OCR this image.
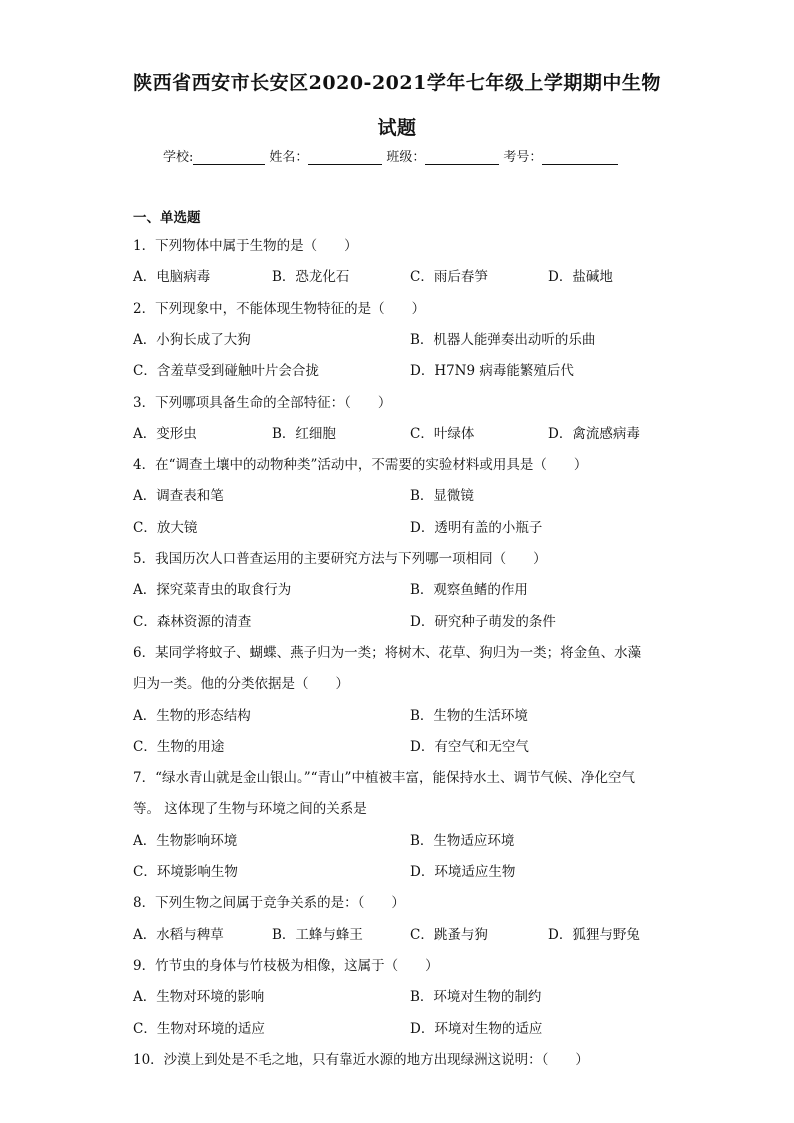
陕西省西安市长安区2020-2021学年七年级上学期期中生物
试题
学校:	姓名：	班级：	考号：
一、单选题
1．下列物体中属于生物的是（　　）
A．电脑病毒	B．恐龙化石	C．雨后春笋	D．盐碱地
2．下列现象中，不能体现生物特征的是（　　）
A．小狗长成了大狗	B．机器人能弹奏出动听的乐曲
C．含羞草受到碰触叶片会合拢	D．H7N9 病毒能繁殖后代
3．下列哪项具备生命的全部特征：（　　）
A．变形虫	B．红细胞	C．叶绿体	D．禽流感病毒
4．在“调查土壤中的动物种类”活动中，不需要的实验材料或用具是（　　）
A．调查表和笔	B．显微镜
C．放大镜	D．透明有盖的小瓶子
5．我国历次人口普查运用的主要研究方法与下列哪一项相同（　　）
A．探究菜青虫的取食行为	B．观察鱼鳍的作用
C．森林资源的清查	D．研究种子萌发的条件
6．某同学将蚊子、蝴蝶、燕子归为一类；将树木、花草、狗归为一类；将金鱼、水藻
归为一类。他的分类依据是（　　）
A．生物的形态结构	B．生物的生活环境
C．生物的用途	D．有空气和无空气
7．“绿水青山就是金山银山。”“青山”中植被丰富，能保持水土、调节气候、净化空气
等。 这体现了生物与环境之间的关系是
A．生物影响环境	B．生物适应环境
C．环境影响生物	D．环境适应生物
8．下列生物之间属于竞争关系的是：（　　）
A．水稻与稗草	B．工蜂与蜂王	C．跳蚤与狗	D．狐狸与野兔
9．竹节虫的身体与竹枝极为相像，这属于（　　）
A．生物对环境的影响	B．环境对生物的制约
C．生物对环境的适应	D．环境对生物的适应
10．沙漠上到处是不毛之地，只有靠近水源的地方出现绿洲这说明：（　　）
